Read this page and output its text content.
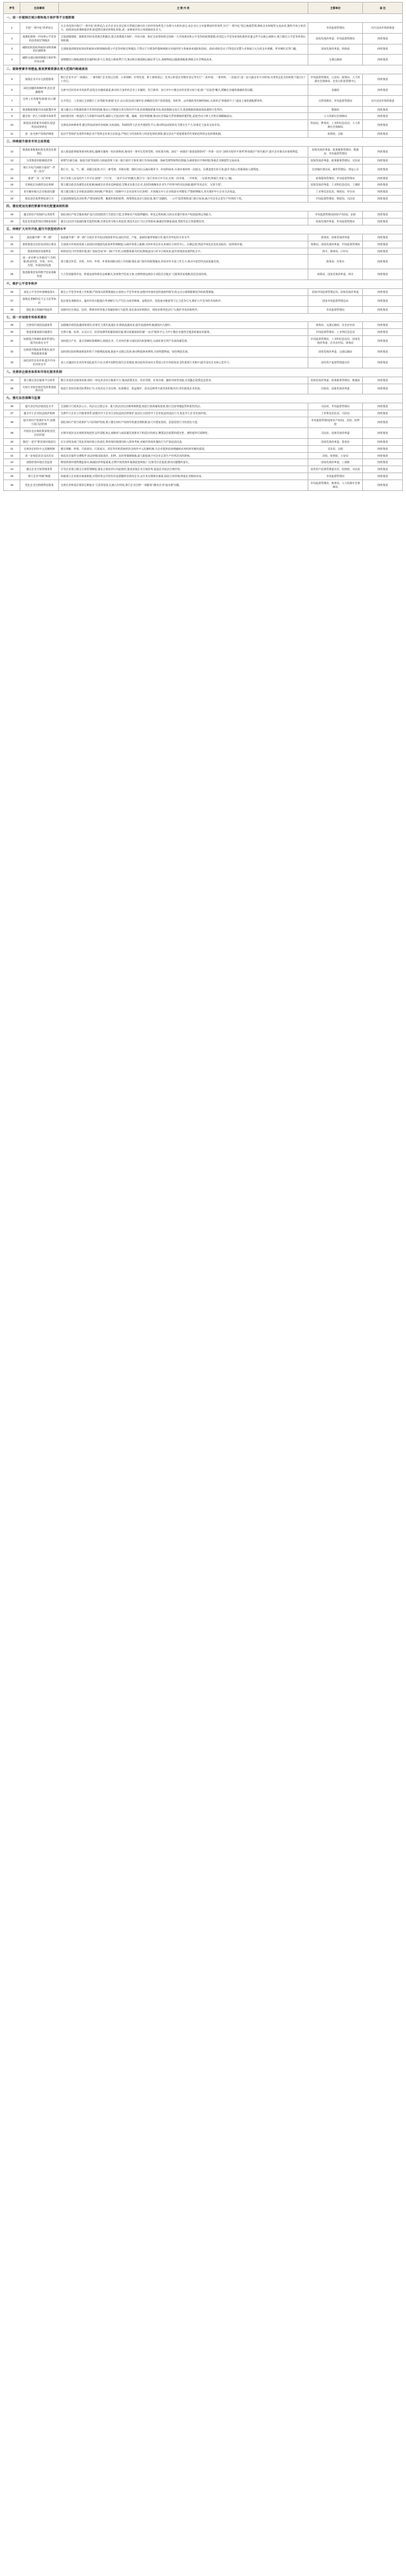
序号	任务事项	主 要 内 容	主管单位	备 注
一、进一步破除区域分割和地方保护等不合理限制				
1	开展"一照多址"改革试点	在全省范围内推行"一照多址"改革试点,允许企业在登记机关管辖区域内设立的经营场所免于办理分支机构登记,由企业自主申报增加经营场所,实行"一照多址"登记备案管理,降低企业制度性交易成本,激发市场主体活力。持续深化商事制度改革,推进照后减证和简化审批,进一步释放市场主体创新创业活力。	市场监督管理局	年内完成并持续推进
2	清理妨碍统一市场和公平竞争的各类规定和做法	全面清理排除、限制竞争的各类规定和做法,重点清理地方保护、市场分割、指定交易等妨碍全国统一大市场建设和公平竞争的政策措施,对违反公平竞争审查标准的存量文件予以废止或修订,建立健全公平竞争审查长效机制。	国家发展改革委、市场监督管理局	持续推进
3	破除招标投标和政府采购领域的区域壁垒	全面排查清理招标投标和政府采购领域妨碍公平竞争的规定和做法,不得以不合理条件限制或排斥外地经营主体参加本地招标投标、政府采购活动,不得违法设置与业务能力无关的企业规模、所有制形式等门槛。	国家发展改革委、财政部	持续推进
4	破除交通运输领域地方保护和市场分割	清理整治公路限高限宽设施和检查卡点,规范公路收费行为,推动跨区域道路运输证件互认,保障物流运输通道畅通,降低全社会物流成本。	交通运输部	持续推进
二、破除要素市场壁垒,推进要素资源在更大范围内畅通流动				
5	加强企业开办全流程服务	推行企业开办"一网通办、一窗领取",企业登记注册、公章刻制、申领发票、职工参保登记、住房公积金企业缴存登记等实行"一表申请、一套材料、一次提交",进一步压减企业开办时间,实现常态化办结时限不超过1个工作日。	市场监督管理局、公安局、税务局、人力资源社会保障局、住房公积金管理中心	持续推进
6	深化投融资体制改革,优化金融服务	完善多层次资本市场体系,拓宽企业融资渠道,推动符合条件的企业上市融资、发行债券。加大对中小微企业的信贷支持力度,推广"信易贷"模式,缓解企业融资难融资贵问题。	金融局	持续推进
7	完善工业用地"标准地"出让制度	在开发区、工业园区全面推行工业用地"标准地"出让,出让前完成区域评估,明确固定资产投资强度、容积率、亩均税收等控制性指标,实现项目"拿地即开工",提高土地资源配置效率。	自然资源局、市场监督管理局	年内完成并持续推进
8	推进数据要素市场化配置改革	建立健全公共数据资源开发利用机制,推动公共数据分类分级有序开放,培育数据要素市场,规范数据交易行为,促进数据资源高效流通和开发利用。	数据局	持续推进
9	健全统一的人力资源市场体系	加快建设统一规范的人力资源市场体系,破除人才流动的户籍、地域、身份等限制,推动社会保险关系转移接续便利化,促进劳动力和人才跨区域顺畅流动。	人力资源社会保障局	持续推进
10	推进技术要素市场建设,促进科技成果转化	完善技术转移体系,健全科技成果评价机制,支持高校、科研院所与企业共建研发平台,推动科技成果转化为现实生产力,培育壮大技术交易市场。	科技局、教育局、工业和信息化局、人力资源社会保障局	持续推进
11	进一步完善产权保护制度	依法平等保护各类所有制企业产权和企业家合法权益,严格区分经济纠纷与经济犯罪的界限,健全涉企产权冤错案件有效防范和常态化纠错机制。	检察院、法院	持续推进
三、持续提升服务市场主体效能				
12	推进政务服务标准化规范化便利化	深入推进政务服务事项标准化,编制实施统一的办事指南,推动同一事项无差别受理、同标准办理。深化"一网通办",推进高频事项"一件事一次办",加快实现更多事项"跨省通办""省内通办",提升企业群众办事便利度。	国家发展改革委、政务服务管理局、数据局、市场监督管理局	持续推进
13	分类推进审批制度改革	按照"应减尽减、能放尽放"的原则,分批取消和下放一批行政许可事项,推行告知承诺制、容缺受理等便利化措施,压减审批环节和时限,降低企业制度性交易成本。	国家发展改革委、政务服务管理局、司法局	持续推进
14	推行水电气网联合报装"一件事一次办"	推行水、电、气、暖、网联合报装,实行一窗受理、并联办理、限时办结,压减办理环节、时间和成本,实现申请材料一次提交、办理进度实时可查,提升市政公用服务接入便利度。	住房城乡建设局、城市管理局、供电公司	持续推进
15	推进"一业一证"改革	对行业准入涉及的多个许可证,按照"一个行业、一张许可证"的模式,整合为一张行业综合许可证,实现一次申请、一并审查、一证准营,降低行业准入门槛。	政务服务管理局、市场监督管理局	持续推进
16	完善政企沟通常态化机制	建立健全政企沟通常态化机制,畅通企业诉求反映渠道,定期走访重点企业,及时协调解决企业生产经营中的实际困难,做到"有求必应、无事不扰"。	国家发展改革委、工业和信息化局、工商联	持续推进
17	切实解决拖欠企业账款问题	建立健全拖欠企业账款清理长效机制,严格落实《保障中小企业款项支付条例》,开展拖欠中小企业账款专项整治,严禁新增拖欠,切实维护中小企业合法权益。	工业和信息化局、财政局、审计局	持续推进
18	规范涉企收费和检查行为	全面清理规范涉企收费,严禁违规收费、摊派和变相收费。统筹规范涉企行政检查,推行"双随机、一公开"监管和跨部门联合检查,减少对企业正常生产经营的干扰。	市场监督管理局、财政局、司法局	持续推进
四、建设更加完善的要素市场化配置体制机制				
19	健全知识产权保护运用体系	强化知识产权全链条保护,加大侵权假冒行为惩治力度,完善知识产权质押融资、转化运用机制,支持企业提升知识产权创造和运用能力。	市场监督管理局(知识产权局)、法院	持续推进
20	优化信用监管和信用修复机制	健全以信用为基础的新型监管机制,完善信用分级分类监管,规范失信行为认定和惩戒,畅通信用修复渠道,帮助失信主体重塑信用。	国家发展改革委、市场监督管理局	持续推进
五、持续扩大对外开放,提升开放型经济水平				
21	高质量共建"一带一路"	高质量共建"一带一路",支持企业开拓沿线国家市场,深化经贸、产能、基础设施等领域合作,提升对外投资合作水平。	商务局、国家发展改革委	持续推进
22	加快推进自由贸易试验区建设	全面落实外商投资准入前国民待遇加负面清单管理制度,压减外资准入限制,支持外资企业在本地设立研发中心、区域总部,营造市场化法治化国际化一流营商环境。	商务局、国家发展改革委、市场监督管理局	持续推进
23	推进跨境贸易便利化	持续优化口岸营商环境,推广国际贸易"单一窗口"应用,压缩整体通关时间,降低进出口环节合规成本,提升跨境贸易便利化水平。	海关、商务局、口岸办	持续推进
24	进一步完善"五外联动"工作机制,推进外贸、外资、外经、外智、外事协同发展	建立健全外贸、外资、外经、外智、外事协同联动的工作机制,强化部门协作和政策集成,形成对外开放工作合力,推动开放型经济高质量发展。	商务局、外事办	持续推进
25	推进服务贸易和数字贸易创新发展	大力发展服务外包、跨境电商等新业态新模式,培育数字贸易主体,完善跨境电商综合试验区功能,扩大服务贸易规模,优化贸易结构。	商务局、国家发展改革委、海关	持续推进
六、维护公平竞争秩序				
26	深化公平竞争审查制度落实	健全公平竞争审查工作机制,严格落实政策措施出台前的公平竞争审查,加强对审查结论的抽查和督导,防止出台排除限制竞争的政策措施。	国家市场监督管理总局、国家发展改革委	持续推进
27	加强反垄断和反不正当竞争执法	依法查处垄断协议、滥用市场支配地位等垄断行为,严厉打击商业贿赂、虚假宣传、侵犯商业秘密等不正当竞争行为,维护公平竞争的市场秩序。	国家市场监督管理总局	持续推进
28	强化重点领域价格监管	加强对民生商品、医药、教育培训等重点领域价格行为监管,依法查处价格欺诈、哄抬价格等违法行为,维护市场价格秩序。	市场监督管理局	持续推进
七、进一步加强市场体系建设				
29	完善现代商贸流通体系	加强城乡商贸流通网络建设,培育壮大现代流通企业,降低流通成本,提升流通效率,畅通国内大循环。	商务局、交通运输局、农业农村局	持续推进
30	推进质量基础设施建设	完善计量、标准、认证认可、检验检测等质量基础设施,建设质量基础设施"一站式"服务平台,为中小微企业提供全链条质量技术服务。	市场监督管理局、工业和信息化局	持续推进
31	加强重点领域标准体系建设,提升标准化水平	加快重点产业、重点领域标准制修订,鼓励企业、行业协会参与国际国内标准制定,以高标准引领产业高质量发展。	市场监督管理局、工业和信息化局、国家发展改革委、农业农村局、商务局	持续推进
32	完善现代物流体系建设,提升物流服务质量	加快建设国家物流枢纽和骨干冷链物流基地,推进多式联运发展,推动物流降本增效,支持智慧物流、绿色物流发展。	国家发展改革委、交通运输局	持续推进
33	深化国有企业改革,提升市场化经营水平	深入实施国有企业改革深化提升行动,完善中国特色现代企业制度,推动国有资本向关系国计民生和国家安全的重要行业集中,提升国有企业核心竞争力。	国有资产监督管理委员会	持续推进
八、完善涉企服务体系和市场化服务机制				
34	建立健全涉企服务平台体系	整合各类涉企服务资源,建设一体化涉企综合服务平台,集成政策发布、诉求受理、业务办理、融资对接等功能,实现惠企政策直达快享。	国家发展改革委、政务服务管理局、数据局	持续推进
35	支持行业协会商会发挥桥梁纽带作用	规范行业协会商会收费和行为,支持其在行业自律、标准制定、权益维护、诉求反映等方面发挥积极作用,更好服务企业发展。	民政局、国家发展改革委	持续推进
九、强化法治保障与监督				
36	提升涉企执法规范化水平	全面推行行政执法公示、执法全过程记录、重大执法决定法制审核制度,规范行政裁量权基准,推行包容审慎监管和柔性执法。	司法局、市场监督管理局	持续推进
37	健全中小企业权益保护机制	完善中小企业公共服务体系,加强对中小企业合法权益的法律保护,依法打击侵害中小企业权益的违法行为,优化中小企业发展环境。	工业和信息化局、司法局	持续推进
38	提升知识产权保护水平,加强行政司法衔接	强化知识产权行政保护与司法保护衔接,建立健全知识产权纠纷快速处理机制,加大对重复侵权、恶意侵权行为的惩治力度。	市场监督管理局(知识产权局)、法院、检察院	持续推进
39	开展涉企法规政策清理,优化法治环境	定期开展涉企法规规章规范性文件清理,废止或修改与高质量发展要求不相适应的规定,增强涉企政策的稳定性、透明度和可预期性。	司法局、国家发展改革委	持续推进
40	强化"一把手"抓营商环境责任	压实各级各部门优化营商环境主体责任,将营商环境建设纳入绩效考核,对破坏营商环境的行为严肃追责问责。	国家发展改革委、督查室	持续推进
41	完善涉企纠纷多元化解机制	健全调解、仲裁、行政裁决、行政复议、诉讼等有机衔接的涉企纠纷多元化解机制,为企业提供高效便捷低成本的纠纷解决渠道。	司法局、法院	持续推进
42	进一步规范涉企司法活动	规范涉企案件办理程序,依法审慎采取查封、扣押、冻结等强制措施,最大限度减少对企业正常生产经营活动的影响。	法院、检察院、公安局	持续推进
43	加强营商环境社会监督	聘请营商环境特邀监督员,畅通投诉举报渠道,定期开展营商环境满意度调查,广泛接受社会监督,推动问题整改落实。	国家发展改革委、工商联	持续推进
44	健全企业合规管理体系	引导企业建立健全合规管理制度,强化合规培训与风险防控,推进涉案企业合规改革,促进企业依法合规经营。	国有资产监督管理委员会、检察院、司法局	持续推进
45	推行企业"休眠"制度	探索建立企业歇业备案制度,对暂时停止经营但有意愿继续存续的企业,允许其办理歇业备案,保留主体资格,降低企业维持成本。	市场监督管理局	持续推进
46	优化企业注销便利化服务	完善企业简易注销登记制度,扩大适用范围,压减公告时间,推行企业注销"一网服务",解决企业"退出难"问题。	市场监督管理局、税务局、人力资源社会保障局	持续推进
